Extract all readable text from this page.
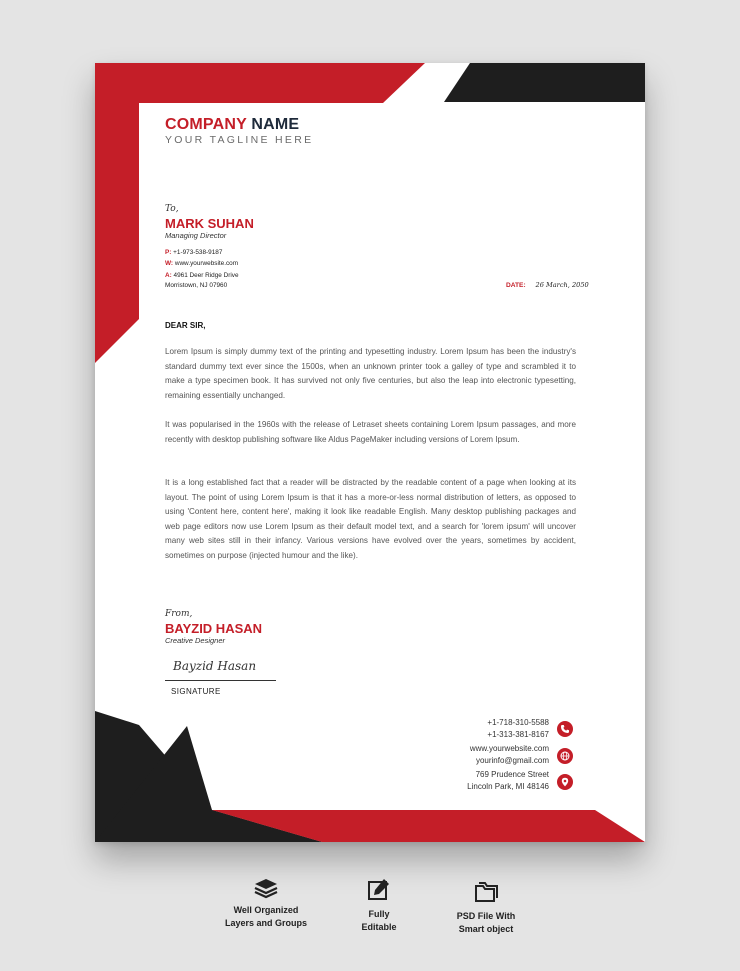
COMPANY NAME
YOUR TAGLINE HERE
To,
MARK SUHAN
Managing Director
P: +1-973-538-9187
W: www.yourwebsite.com
A: 4961 Deer Ridge Drive
Morristown, NJ 07960	DATE: 26 March, 2050
DEAR SIR,

Lorem Ipsum is simply dummy text of the printing and typesetting industry. Lorem Ipsum has been the industry's standard dummy text ever since the 1500s, when an unknown printer took a galley of type and scrambled it to make a type specimen book. It has survived not only five centuries, but also the leap into electronic typesetting, remaining essentially unchanged.

It was popularised in the 1960s with the release of Letraset sheets containing Lorem Ipsum passages, and more recently with desktop publishing software like Aldus PageMaker including versions of Lorem Ipsum.

It is a long established fact that a reader will be distracted by the readable content of a page when looking at its layout. The point of using Lorem Ipsum is that it has a more-or-less normal distribution of letters, as opposed to using 'Content here, content here', making it look like readable English. Many desktop publishing packages and web page editors now use Lorem Ipsum as their default model text, and a search for 'lorem ipsum' will uncover many web sites still in their infancy. Various versions have evolved over the years, sometimes by accident, sometimes on purpose (injected humour and the like).

From,
BAYZID HASAN
Creative Designer
Bayzid Hasan
SIGNATURE
+1-718-310-5588
+1-313-381-8167
www.yourwebsite.com
yourinfo@gmail.com
769 Prudence Street
Lincoln Park, MI 48146
Well Organized
Layers and Groups
Fully
Editable
PSD File With
Smart object
